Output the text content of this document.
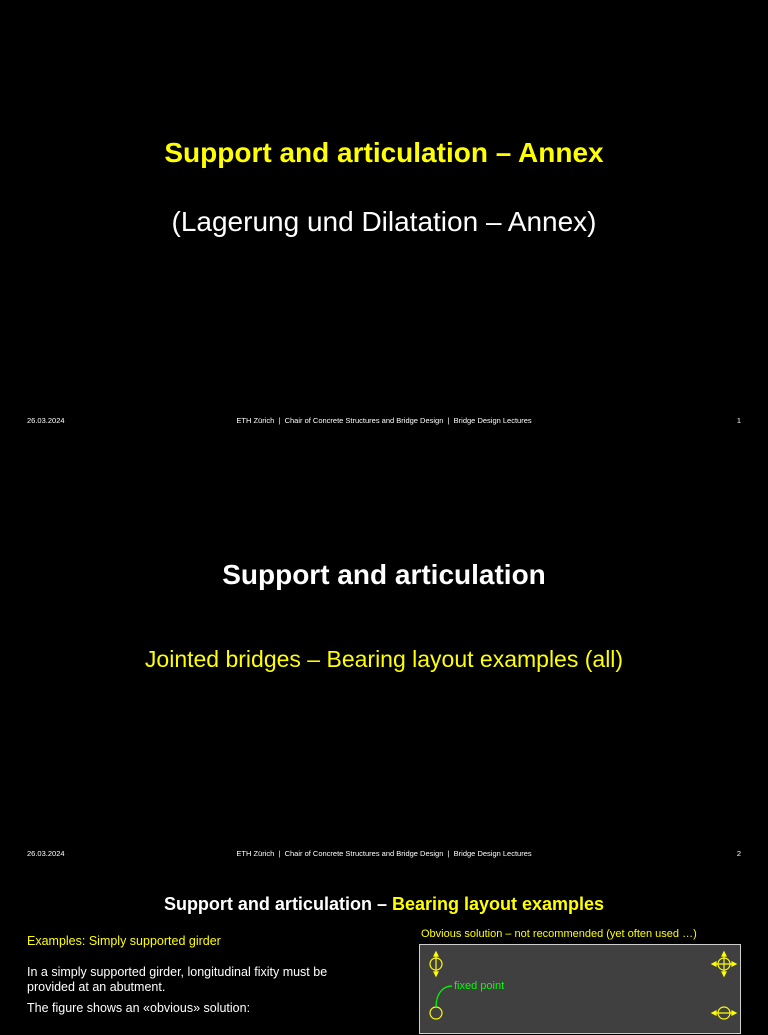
Support and articulation – Annex
(Lagerung und Dilatation – Annex)
26.03.2024	ETH Zürich  |  Chair of Concrete Structures and Bridge Design  |  Bridge Design Lectures	1
Support and articulation
Jointed bridges – Bearing layout examples (all)
26.03.2024	ETH Zürich  |  Chair of Concrete Structures and Bridge Design  |  Bridge Design Lectures	2
Support and articulation – Bearing layout examples

Examples: Simply supported girder

In a simply supported girder, longitudinal fixity must be provided at an abutment.

The figure shows an «obvious» solution:

Obvious solution – not recommended (yet often used …)
fixed point
